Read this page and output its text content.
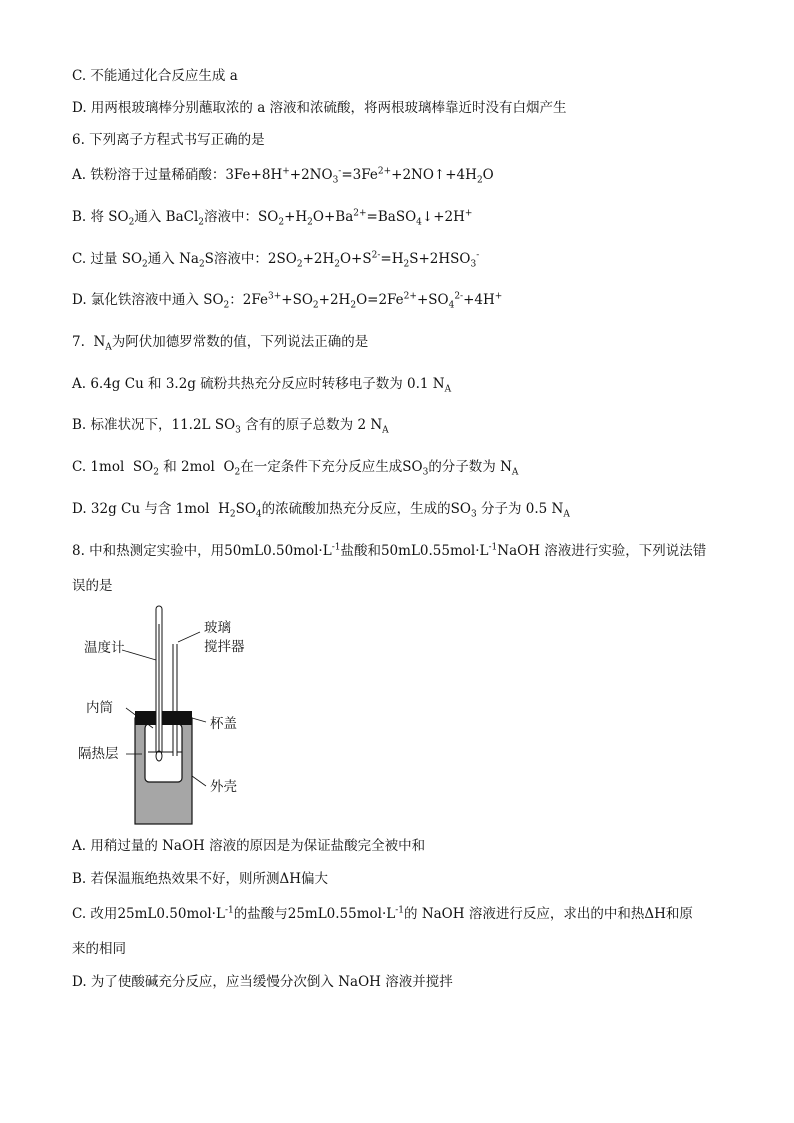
C. 不能通过化合反应生成 a
D. 用两根玻璃棒分别蘸取浓的 a 溶液和浓硫酸，将两根玻璃棒靠近时没有白烟产生
6. 下列离子方程式书写正确的是
A. 铁粉溶于过量稀硝酸：$3Fe+8H^++2NO_3^-=3Fe^{2+}+2NO↑+4H_2O$
B. 将 $SO_2$通入 BaCl$_2$溶液中：$SO_2+H_2O+Ba^{2+}=BaSO_4↓+2H^+$
C. 过量 $SO_2$通入 $Na_2S$溶液中：$2SO_2+2H_2O+S^{2-}=H_2S+2HSO_3^-$
D. 氯化铁溶液中通入 $SO_2$：$2Fe^{3+}+SO_2+2H_2O=2Fe^{2+}+SO_4^{2-}+4H^+$
7.  $N_A$为阿伏加德罗常数的值，下列说法正确的是
A. 6.4g Cu 和 3.2g 硫粉共热充分反应时转移电子数为 0.1 $N_A$
B. 标准状况下，11.2L $SO_3$ 含有的原子总数为 2 $N_A$
C. 1mol  $SO_2$ 和 2mol  $O_2$在一定条件下充分反应生成$SO_3$的分子数为 $N_A$
D. 32g Cu 与含 1mol  $H_2SO_4$的浓硫酸加热充分反应，生成的$SO_3$ 分子为 0.5 $N_A$
8. 中和热测定实验中，用$50mL0.50mol\cdot L^{-1}$盐酸和$50mL0.55mol\cdot L^{-1}NaOH$ 溶液进行实验，下列说法错
误的是
温度计
玻璃
搅拌器
内筒
杯盖
隔热层
外壳
A. 用稍过量的 NaOH 溶液的原因是为保证盐酸完全被中和
B. 若保温瓶绝热效果不好，则所测ΔH偏大
C. 改用$25mL0.50mol\cdot L^{-1}$的盐酸与$25mL0.55mol\cdot L^{-1}$的 NaOH 溶液进行反应，求出的中和热ΔH和原
来的相同
D. 为了使酸碱充分反应，应当缓慢分次倒入 NaOH 溶液并搅拌
